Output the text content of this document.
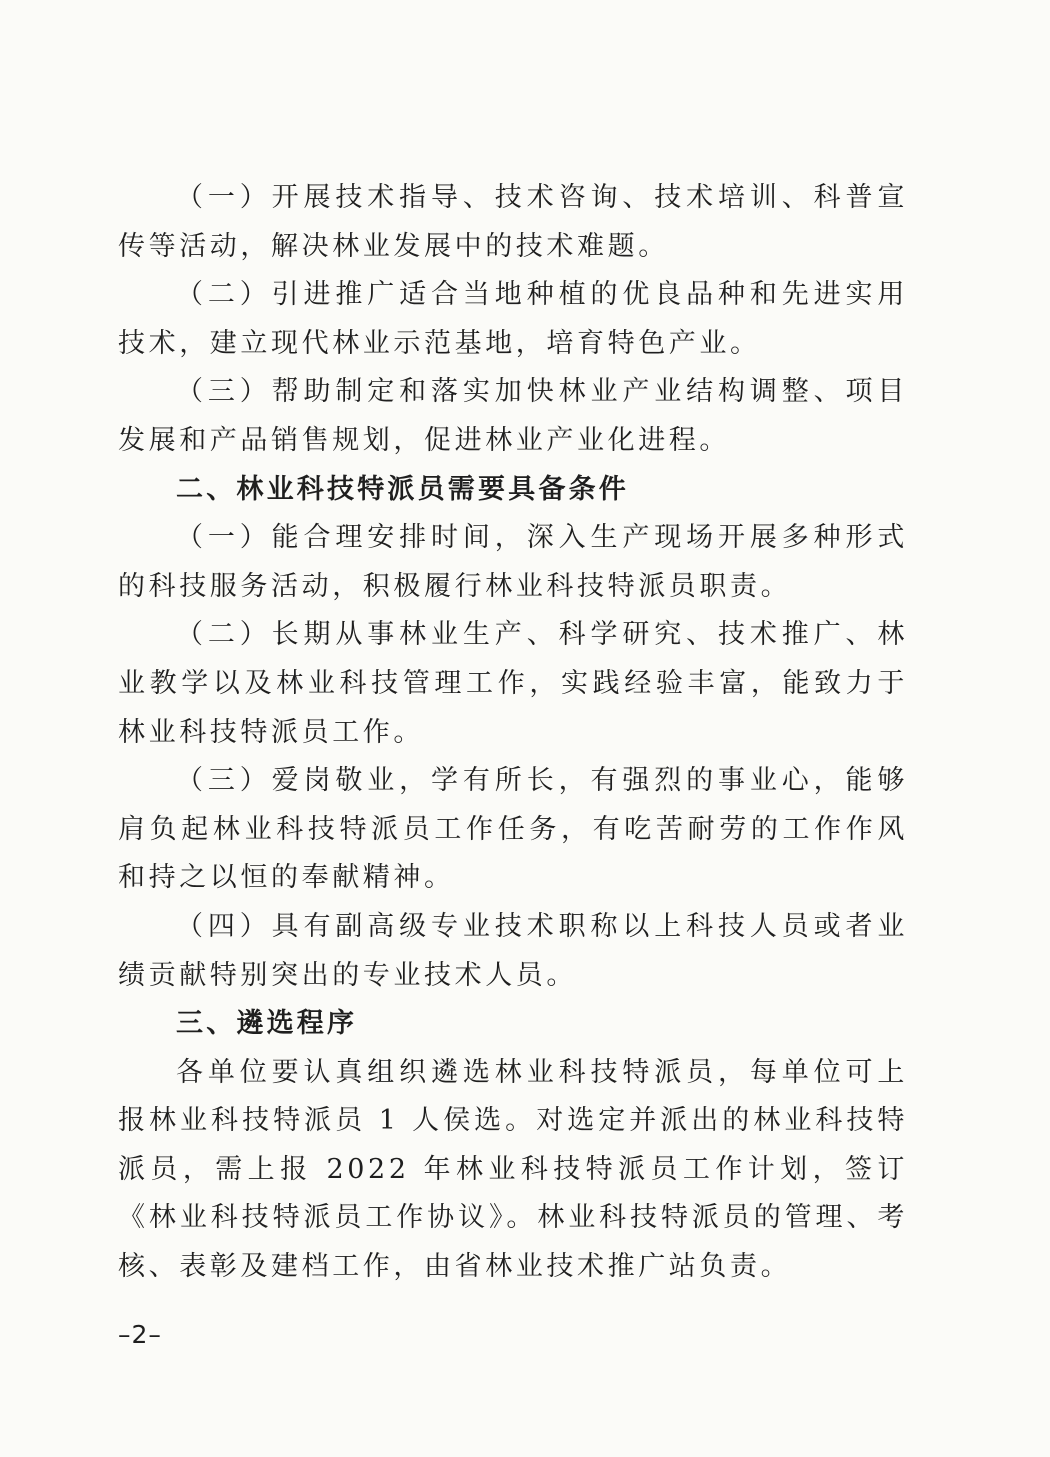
（一）开展技术指导、技术咨询、技术培训、科普宣传等活动，解决林业发展中的技术难题。

（二）引进推广适合当地种植的优良品种和先进实用技术，建立现代林业示范基地，培育特色产业。

（三）帮助制定和落实加快林业产业结构调整、项目发展和产品销售规划，促进林业产业化进程。

二、林业科技特派员需要具备条件

（一）能合理安排时间，深入生产现场开展多种形式的科技服务活动，积极履行林业科技特派员职责。

（二）长期从事林业生产、科学研究、技术推广、林业教学以及林业科技管理工作，实践经验丰富，能致力于林业科技特派员工作。

（三）爱岗敬业，学有所长，有强烈的事业心，能够肩负起林业科技特派员工作任务，有吃苦耐劳的工作作风和持之以恒的奉献精神。

（四）具有副高级专业技术职称以上科技人员或者业绩贡献特别突出的专业技术人员。

三、遴选程序

各单位要认真组织遴选林业科技特派员，每单位可上报林业科技特派员 1 人侯选。对选定并派出的林业科技特派员，需上报 2022 年林业科技特派员工作计划，签订《林业科技特派员工作协议》。林业科技特派员的管理、考核、表彰及建档工作，由省林业技术推广站负责。

–2–
